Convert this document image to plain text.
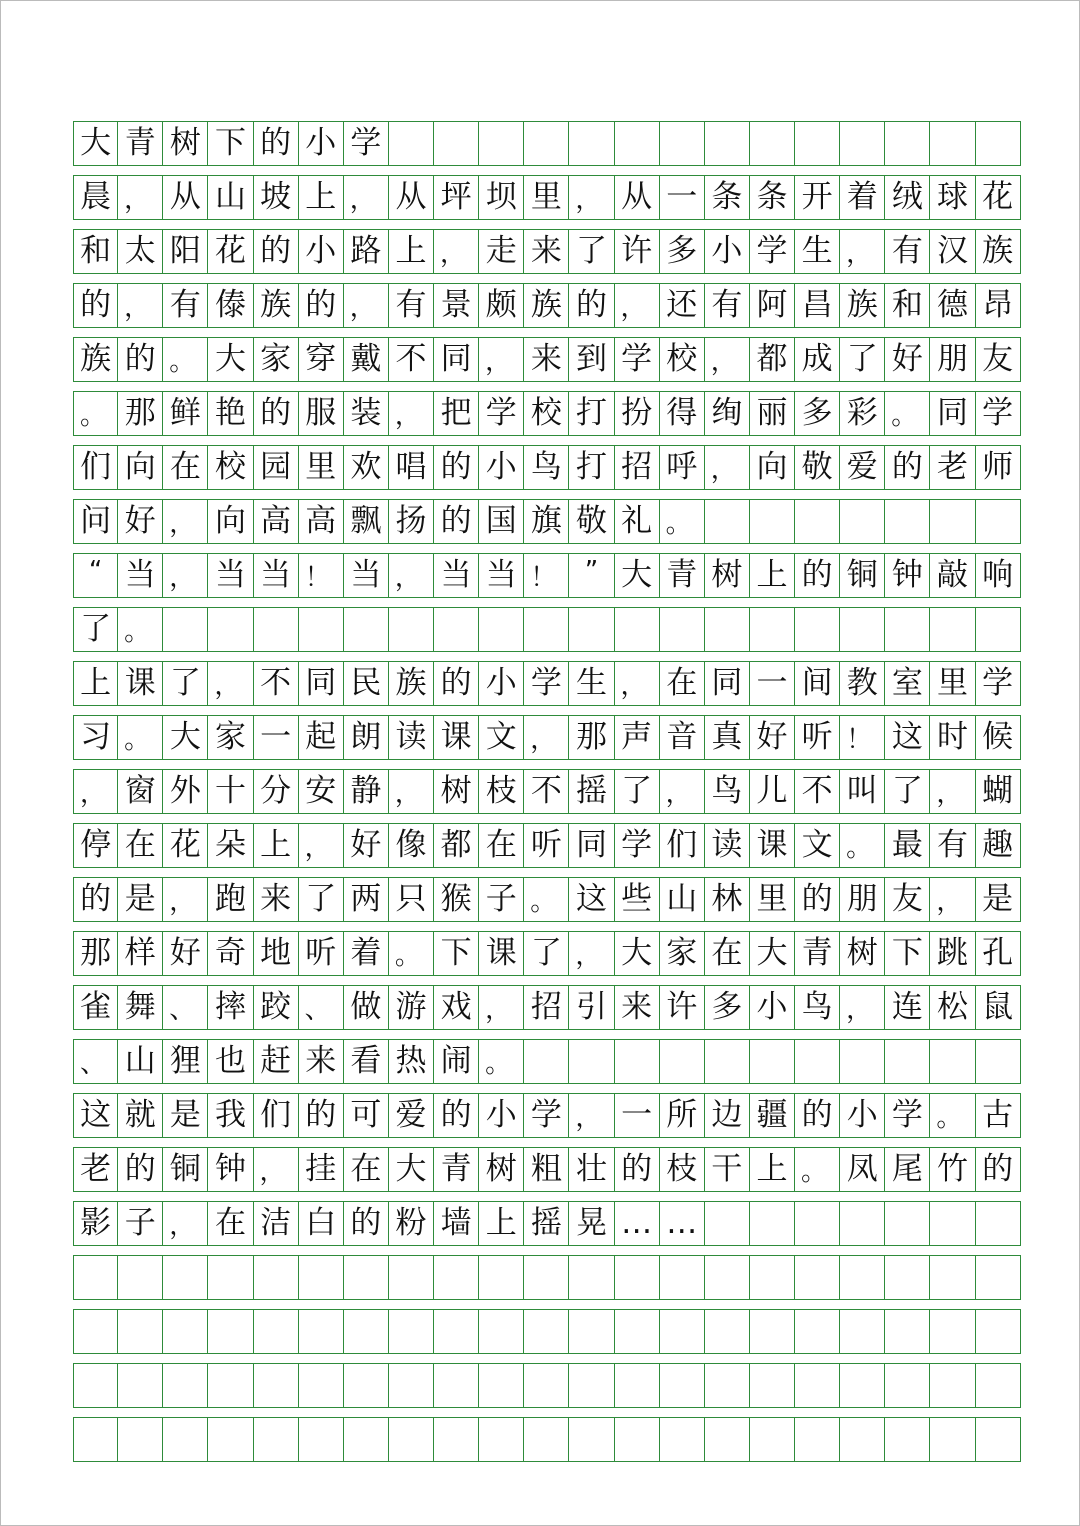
大 青 树 下 的 小 学
晨 ， 从 山 坡 上 ， 从 坪 坝 里 ， 从 一 条 条 开 着 绒 球 花
和 太 阳 花 的 小 路 上 ， 走 来 了 许 多 小 学 生 ， 有 汉 族
的 ， 有 傣 族 的 ， 有 景 颇 族 的 ， 还 有 阿 昌 族 和 德 昂
族 的 。 大 家 穿 戴 不 同 ， 来 到 学 校 ， 都 成 了 好 朋 友
。 那 鲜 艳 的 服 装 ， 把 学 校 打 扮 得 绚 丽 多 彩 。 同 学
们 向 在 校 园 里 欢 唱 的 小 鸟 打 招 呼 ， 向 敬 爱 的 老 师
问 好 ， 向 高 高 飘 扬 的 国 旗 敬 礼 。
“ 当 ， 当 当 ！ 当 ， 当 当 ！	” 大 青 树 上 的 铜 钟 敲 响
了 。
上 课 了 ， 不 同 民 族 的 小 学 生 ， 在 同 一 间 教 室 里 学
习 。 大 家 一 起 朗 读 课 文 ， 那 声 音 真 好 听 ！ 这 时 候
， 窗 外 十 分 安 静 ， 树 枝 不 摇 了 ， 鸟 儿 不 叫 了 ， 蝴
停 在 花 朵 上 ， 好 像 都 在 听 同 学 们 读 课 文 。 最 有 趣
的 是 ， 跑 来 了 两 只 猴 子 。 这 些 山 林 里 的 朋 友 ， 是
那 样 好 奇 地 听 着 。 下 课 了 ， 大 家 在 大 青 树 下 跳 孔
雀 舞 、 摔 跤 、 做 游 戏 ， 招 引 来 许 多 小 鸟 ， 连 松 鼠
、 山 狸 也 赶 来 看 热 闹 。
这 就 是 我 们 的 可 爱 的 小 学 ， 一 所 边 疆 的 小 学 。 古
老 的 铜 钟 ， 挂 在 大 青 树 粗 壮 的 枝 干 上 。 凤 尾 竹 的
影 子 ， 在 洁 白 的 粉 墙 上 摇 晃 … …
